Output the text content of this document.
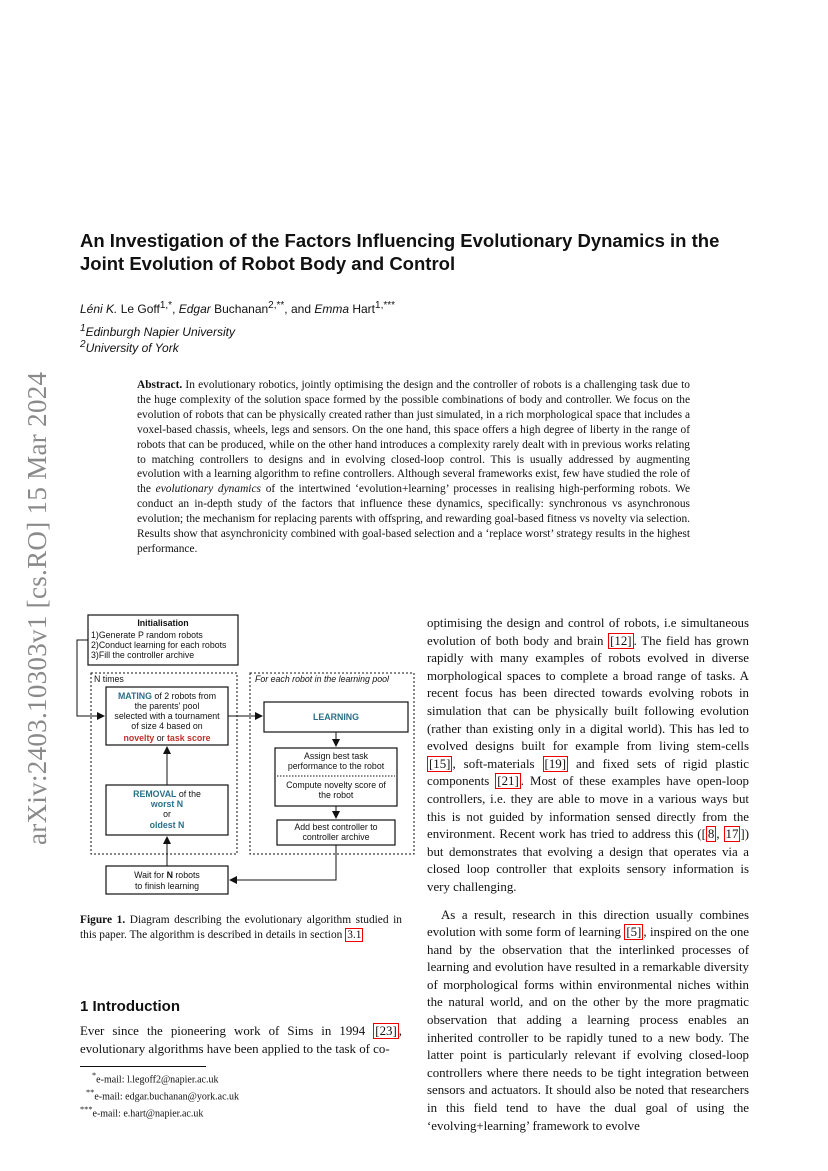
arXiv:2403.10303v1 [cs.RO] 15 Mar 2024
An Investigation of the Factors Influencing Evolutionary Dynamics in the Joint Evolution of Robot Body and Control
Léni K. Le Goff$^{1,*}$, Edgar Buchanan$^{2,**}$, and Emma Hart$^{1,***}$
$^1$Edinburgh Napier University
$^2$University of York
Abstract. In evolutionary robotics, jointly optimising the design and the controller of robots is a challenging task due to the huge complexity of the solution space formed by the possible combinations of body and controller. We focus on the evolution of robots that can be physically created rather than just simulated, in a rich morphological space that includes a voxel-based chassis, wheels, legs and sensors. On the one hand, this space offers a high degree of liberty in the range of robots that can be produced, while on the other hand introduces a complexity rarely dealt with in previous works relating to matching controllers to designs and in evolving closed-loop control. This is usually addressed by augmenting evolution with a learning algorithm to refine controllers. Although several frameworks exist, few have studied the role of the evolutionary dynamics of the intertwined ‘evolution+learning’ processes in realising high-performing robots. We conduct an in-depth study of the factors that influence these dynamics, specifically: synchronous vs asynchronous evolution; the mechanism for replacing parents with offspring, and rewarding goal-based fitness vs novelty via selection. Results show that asynchronicity combined with goal-based selection and a ‘replace worst’ strategy results in the highest performance.
Initialisation
1)Generate P random robots
2)Conduct learning for each robots
3)Fill the controller archive
N times	For each robot in the learning pool
MATING of 2 robots from
the parents' pool
selected with a tournament
of size 4 based on
novelty or task score
LEARNING
Assign best task
performance to the robot
Compute novelty score of
the robot
Add best controller to
controller archive
REMOVAL of the
worst N
or
oldest N
Wait for N robots
to finish learning
Figure 1. Diagram describing the evolutionary algorithm studied in this paper. The algorithm is described in details in section 3.1
1 Introduction
Ever since the pioneering work of Sims in 1994 [23] , evolutionary algorithms have been applied to the task of co-
*e-mail: l.legoff2@napier.ac.uk
**e-mail: edgar.buchanan@york.ac.uk
***e-mail: e.hart@napier.ac.uk

optimising the design and control of robots, i.e simultaneous evolution of both body and brain [12] . The field has grown rapidly with many examples of robots evolved in diverse morphological spaces to complete a broad range of tasks. A recent focus has been directed towards evolving robots in simulation that can be physically built following evolution (rather than existing only in a digital world). This has led to evolved designs built for example from living stem-cells [15] , soft-materials [19] and fixed sets of rigid plastic components [21] . Most of these examples have open-loop controllers, i.e. they are able to move in a various ways but this is not guided by information sensed directly from the environment. Recent work has tried to address this ([ 8 , 17 ]) but demonstrates that evolving a design that operates via a closed loop controller that exploits sensory information is very challenging.

As a result, research in this direction usually combines evolution with some form of learning [5] , inspired on the one hand by the observation that the interlinked processes of learning and evolution have resulted in a remarkable diversity of morphological forms within environmental niches within the natural world, and on the other by the more pragmatic observation that adding a learning process enables an inherited controller to be rapidly tuned to a new body. The latter point is particularly relevant if evolving closed-loop controllers where there needs to be tight integration between sensors and actuators. It should also be noted that researchers in this field tend to have the dual goal of using the ‘evolving+learning’ framework to evolve
